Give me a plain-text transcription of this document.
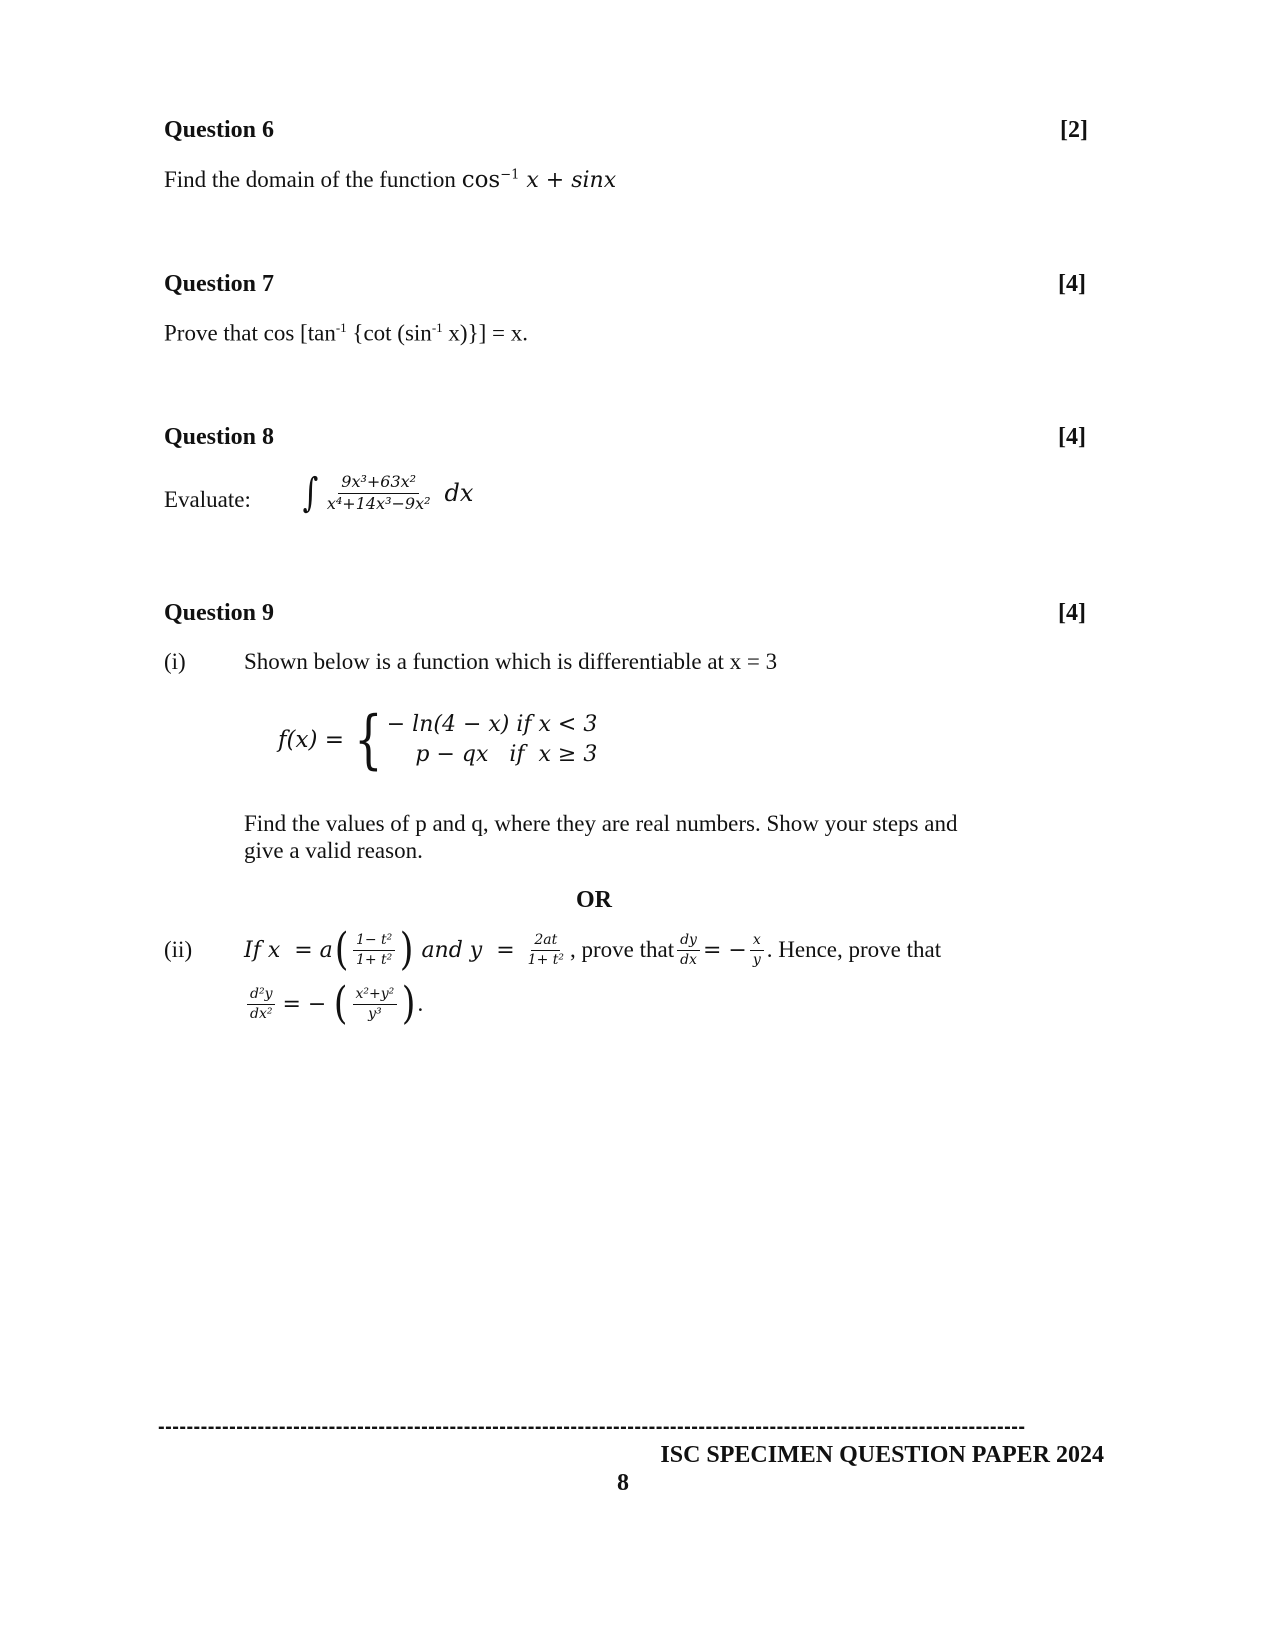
Question 6	[2]
Find the domain of the function $\cos^{-1} x + \sin x$
Question 7	[4]
Prove that $\cos [\tan^{-1}$ {cot ($\sin^{-1}$ x)}] = x.
Question 8	[4]
Evaluate: ∫ $\frac{\text{9x³+63x²}}{\text{x⁴+14x³−9x²}}$ dx
Question 9	[4]
(i)	Shown below is a function which is differentiable at x = 3
f(x) = { − ln(4 − x) if x < 3
p − qx   if  x ≥ 3
Find the values of p and q, where they are real numbers. Show your steps and
give a valid reason.
OR
(ii) If x  = a ( $\frac{\text{1− t²}}{\text{1+ t²}}$ ) and $y = \frac{2at}{\text{1+ t²}}$ , prove that $\frac{dy}{dx}$ = − $\frac{x}{y}$ . Hence, prove that
$\frac{\text{d²y}}{\text{dx²}}$ = − ( $\frac{\text{x²+y²}}{\text{y³}}$ ) .
--------------------------------------------------------------------------------------------------------------------------
ISC SPECIMEN QUESTION PAPER 2024
8
